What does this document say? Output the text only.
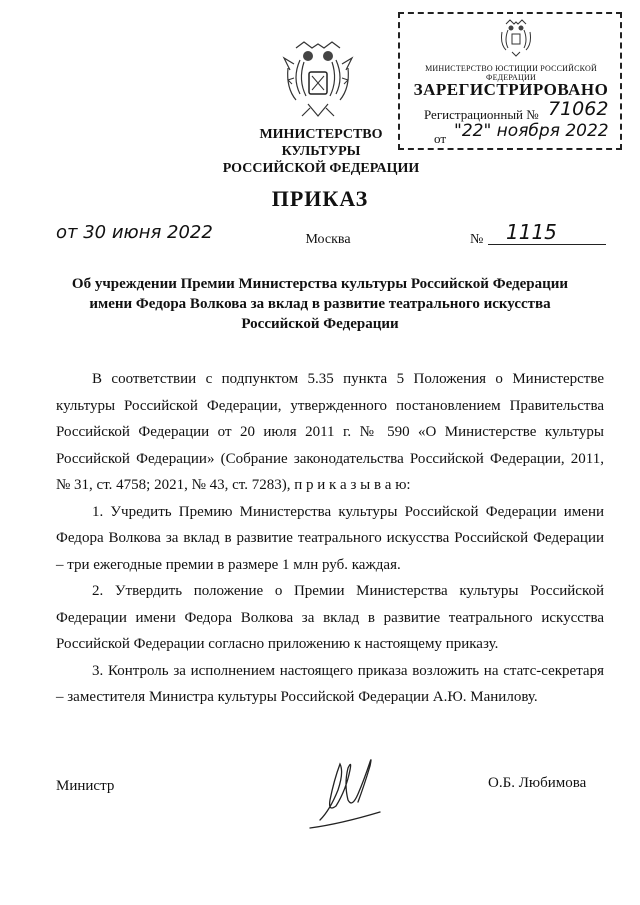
МИНИСТЕРСТВО КУЛЬТУРЫ
РОССИЙСКОЙ ФЕДЕРАЦИИ
МИНИСТЕРСТВО ЮСТИЦИИ РОССИЙСКОЙ ФЕДЕРАЦИИ
ЗАРЕГИСТРИРОВАНО
Регистрационный № 71062
от "22" ноября 2022
ПРИКАЗ
от 30 июня 2022	Москва	№ 1115
Об учреждении Премии Министерства культуры Российской Федерации
имени Федора Волкова за вклад в развитие театрального искусства
Российской Федерации

В соответствии с подпунктом 5.35 пункта 5 Положения о Министерстве культуры Российской Федерации, утвержденного постановлением Правительства Российской Федерации от 20 июля 2011 г. № 590 «О Министерстве культуры Российской Федерации» (Собрание законодательства Российской Федерации, 2011, № 31, ст. 4758; 2021, № 43, ст. 7283), п р и к а з ы в а ю:

1. Учредить Премию Министерства культуры Российской Федерации имени Федора Волкова за вклад в развитие театрального искусства Российской Федерации – три ежегодные премии в размере 1 млн руб. каждая.

2. Утвердить положение о Премии Министерства культуры Российской Федерации имени Федора Волкова за вклад в развитие театрального искусства Российской Федерации согласно приложению к настоящему приказу.

3. Контроль за исполнением настоящего приказа возложить на статс-секретаря – заместителя Министра культуры Российской Федерации А.Ю. Манилову.

Министр	О.Б. Любимова
